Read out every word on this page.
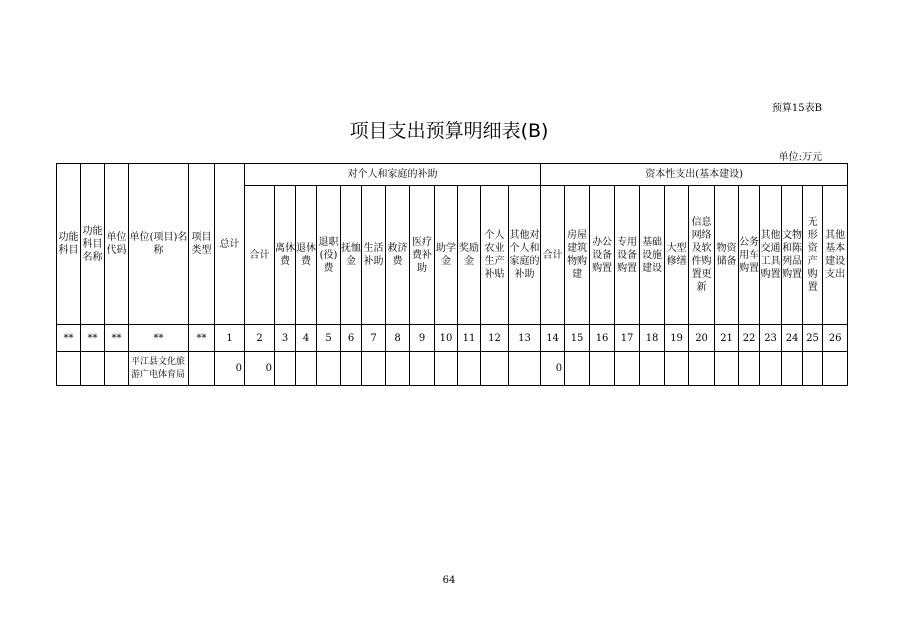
预算15表B
项目支出预算明细表(B)
单位:万元
功能科目	功能科目名称	单位代码	单位(项目)名称	项目类型	总计	对个人和家庭的补助												资本性支出(基本建设)												
						合计	离休费	退休费	退职(役)费	抚恤金	生活补助	救济费	医疗费补助	助学金	奖励金	个人农业生产补贴	其他对个人和家庭的补助	合计	房屋建筑物购建	办公设备购置	专用设备购置	基础设施建设	大型修缮	信息网络及软件购置更新	物资储备	公务用车购置	其他交通工具购置	文物和陈列品购置	无形资产购置	其他基本建设支出
**	**	**	**	**	1	2	3	4	5	6	7	8	9	10	11	12	13	14	15	16	17	18	19	20	21	22	23	24	25	26
			平江县文化旅游广电体育局		0	0												0												
64
